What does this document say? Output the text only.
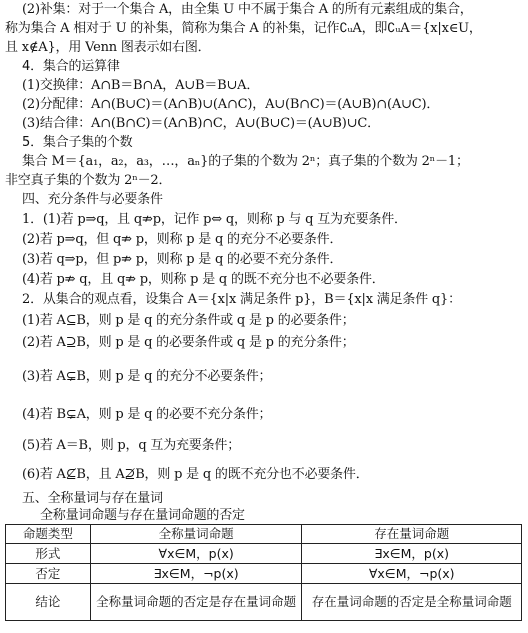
(2)补集：对于一个集合 A，由全集 U 中不属于集合 A 的所有元素组成的集合，
称为集合 A 相对于 U 的补集，简称为集合 A 的补集，记作∁ᵤA，即∁ᵤA＝{x|x∈U，
且 x∉A}，用 Venn 图表示如右图．
4．集合的运算律
(1)交换律：A∩B＝B∩A，A∪B＝B∪A．
(2)分配律：A∩(B∪C)＝(A∩B)∪(A∩C)，A∪(B∩C)＝(A∪B)∩(A∪C)．
(3)结合律：A∩(B∩C)＝(A∩B)∩C，A∪(B∪C)＝(A∪B)∪C．
5．集合子集的个数
集合 M＝{a₁，a₂，a₃，…，aₙ}的子集的个数为 2ⁿ；真子集的个数为 2ⁿ－1；
非空真子集的个数为 2ⁿ－2．
四、充分条件与必要条件
1．(1)若 p⇒q，且 q⇏p，记作 p⇔ q，则称 p 与 q 互为充要条件．
(2)若 p⇒q，但 q⇏ p，则称 p 是 q 的充分不必要条件．
(3)若 q⇒p，但 p⇏ p，则称 p 是 q 的必要不充分条件．
(4)若 p⇏ q，且 q⇏ p，则称 p 是 q 的既不充分也不必要条件．
2．从集合的观点看，设集合 A＝{x|x 满足条件 p}，B＝{x|x 满足条件 q}：
(1)若 A⊆B，则 p 是 q 的充分条件或 q 是 p 的必要条件；
(2)若 A⊇B，则 p 是 q 的必要条件或 q 是 p 的充分条件；
(3)若 A⊊B，则 p 是 q 的充分不必要条件；
(4)若 B⊊A，则 p 是 q 的必要不充分条件；
(5)若 A＝B，则 p，q 互为充要条件；
(6)若 A⊈B，且 A⊉B，则 p 是 q 的既不充分也不必要条件．
五、全称量词与存在量词
全称量词命题与存在量词命题的否定
命题类型	全称量词命题	存在量词命题
形式	∀x∈M，p(x)	∃x∈M，p(x)
否定	∃x∈M，¬p(x)	∀x∈M，¬p(x)
结论	全称量词命题的否定是存在量词命题	存在量词命题的否定是全称量词命题
